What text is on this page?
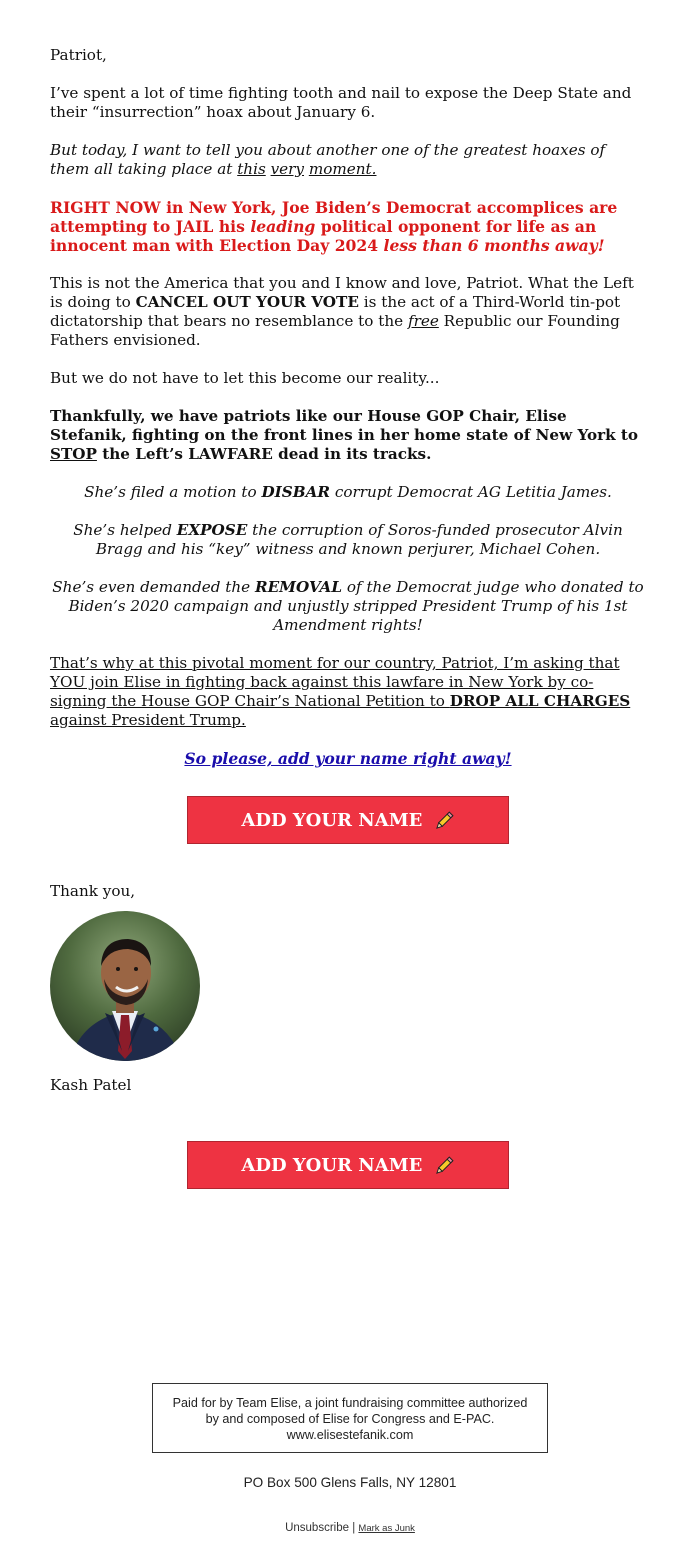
Patriot,

I’ve spent a lot of time fighting tooth and nail to expose the Deep State and their “insurrection” hoax about January 6.

But today, I want to tell you about another one of the greatest hoaxes of them all taking place at this very moment.

RIGHT NOW in New York, Joe Biden’s Democrat accomplices are attempting to JAIL his leading political opponent for life as an innocent man with Election Day 2024 less than 6 months away!

This is not the America that you and I know and love, Patriot. What the Left is doing to CANCEL OUT YOUR VOTE is the act of a Third-World tin-pot dictatorship that bears no resemblance to the free Republic our Founding Fathers envisioned.

But we do not have to let this become our reality...

Thankfully, we have patriots like our House GOP Chair, Elise Stefanik, fighting on the front lines in her home state of New York to STOP the Left’s LAWFARE dead in its tracks.

She’s filed a motion to DISBAR corrupt Democrat AG Letitia James.

She’s helped EXPOSE the corruption of Soros-funded prosecutor Alvin Bragg and his “key” witness and known perjurer, Michael Cohen.

She’s even demanded the REMOVAL of the Democrat judge who donated to Biden’s 2020 campaign and unjustly stripped President Trump of his 1st Amendment rights!

That’s why at this pivotal moment for our country, Patriot, I’m asking that YOU join Elise in fighting back against this lawfare in New York by co-signing the House GOP Chair’s National Petition to DROP ALL CHARGES against President Trump.

So please, add your name right away!

ADD YOUR NAME

Thank you,

Kash Patel

ADD YOUR NAME
Paid for by Team Elise, a joint fundraising committee authorized by and composed of Elise for Congress and E-PAC. www.elisestefanik.com
PO Box 500 Glens Falls, NY 12801
Unsubscribe | Mark as Junk
